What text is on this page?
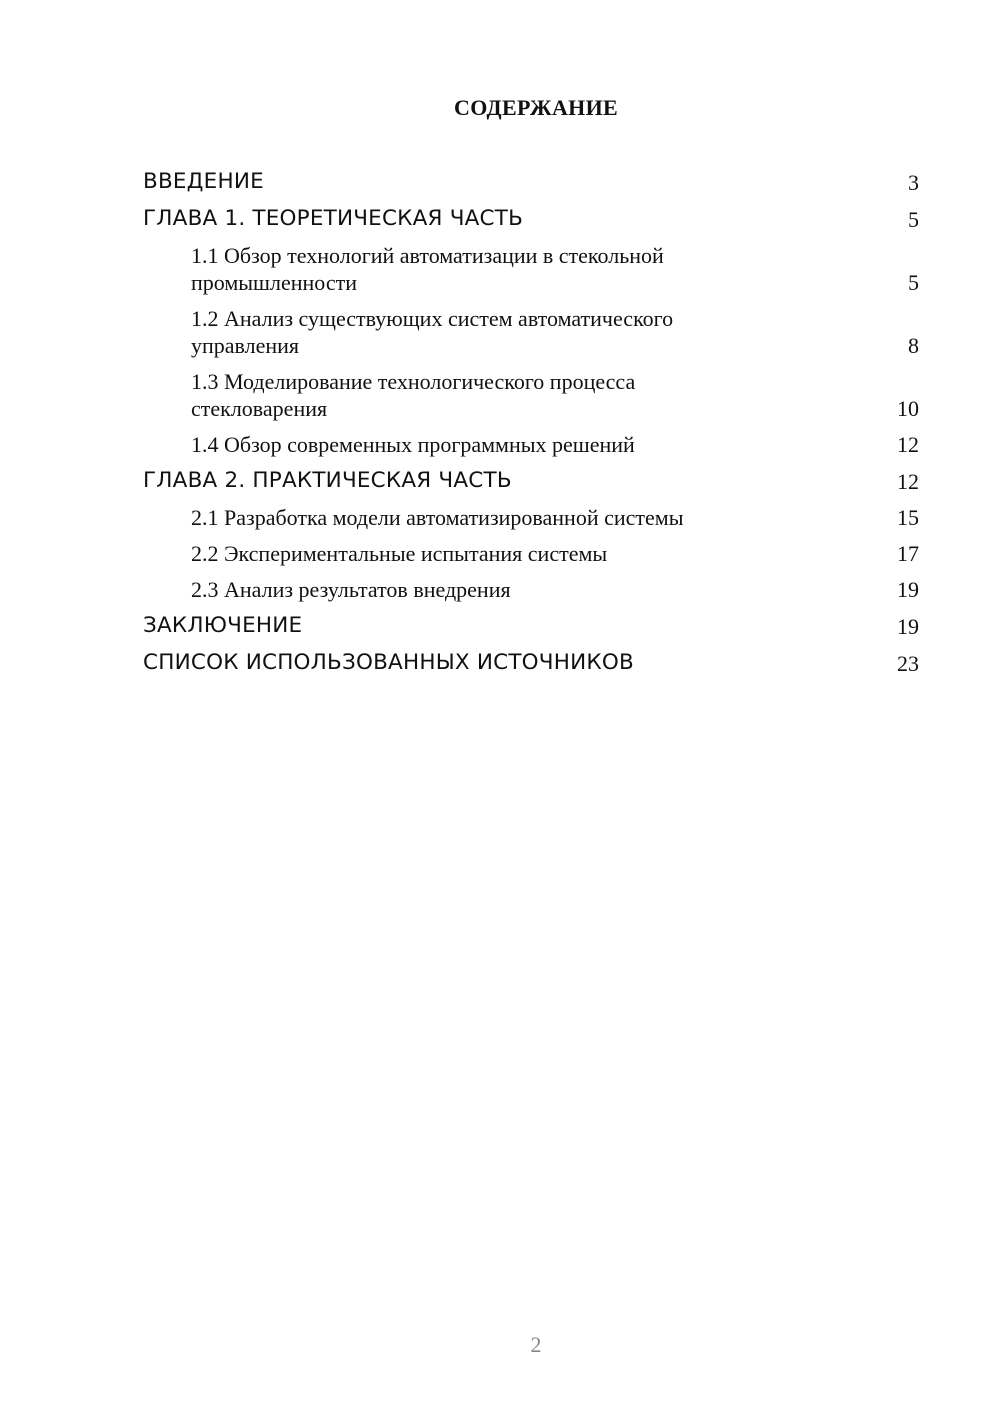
СОДЕРЖАНИЕ
ВВЕДЕНИЕ	3
ГЛАВА 1. ТЕОРЕТИЧЕСКАЯ ЧАСТЬ	5
1.1 Обзор технологий автоматизации в стекольной промышленности	5
1.2 Анализ существующих систем автоматического управления	8
1.3 Моделирование технологического процесса стекловарения	10
1.4 Обзор современных программных решений	12
ГЛАВА 2. ПРАКТИЧЕСКАЯ ЧАСТЬ	12
2.1 Разработка модели автоматизированной системы	15
2.2 Экспериментальные испытания системы	17
2.3 Анализ результатов внедрения	19
ЗАКЛЮЧЕНИЕ	19
СПИСОК ИСПОЛЬЗОВАННЫХ ИСТОЧНИКОВ	23
2
